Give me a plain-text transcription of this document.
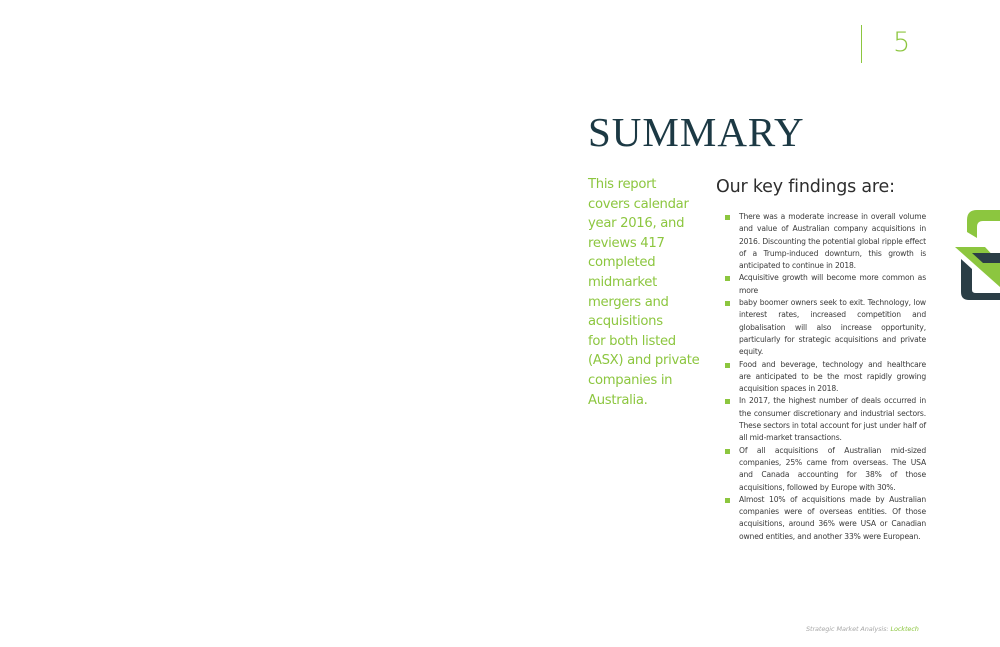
5
SUMMARY
This report
covers calendar
year 2016, and
reviews 417
completed
midmarket
mergers and
acquisitions
for both listed
(ASX) and private
companies in
Australia.
Our key findings are:
There was a moderate increase in overall volume and value of Australian company acquisitions in 2016. Discounting the potential global ripple effect of a Trump-induced downturn, this growth is anticipated to continue in 2018.
Acquisitive growth will become more common as more
baby boomer owners seek to exit. Technology, low interest rates, increased competition and globalisation will also increase opportunity, particularly for strategic acquisitions and private equity.
Food and beverage, technology and healthcare are anticipated to be the most rapidly growing acquisition spaces in 2018.
In 2017, the highest number of deals occurred in the consumer discretionary and industrial sectors. These sectors in total account for just under half of all mid-market transactions.
Of all acquisitions of Australian mid-sized companies, 25% came from overseas. The USA and Canada accounting for 38% of those acquisitions, followed by Europe with 30%.
Almost 10% of acquisitions made by Australian companies were of overseas entities. Of those acquisitions, around 36% were USA or Canadian owned entities, and another 33% were European.
Strategic Market Analysis: Locktech
